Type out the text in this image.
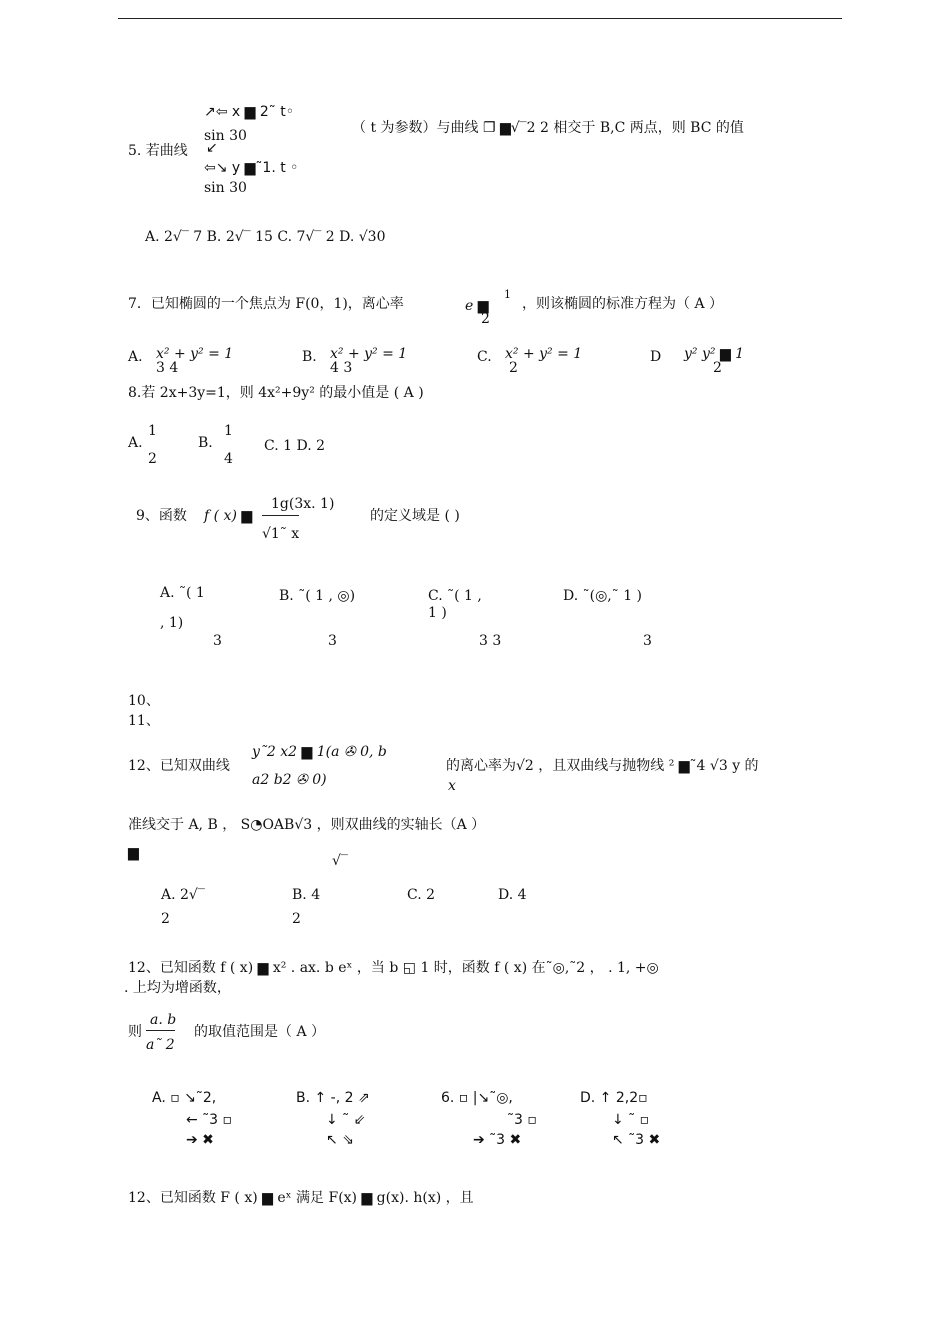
↗⇦ x ▆ 2˜ t◦
sin 30
5. 若曲线 ↙
⇦↘ y ▆˜1. t ◦
sin 30
（ t 为参数）与曲线 ❐ ▆√‾2 2 相交于 B,C 两点，则 BC 的值
A. 2√‾ 7 B. 2√‾ 15 C. 7√‾ 2 D. √30
7．已知椭圆的一个焦点为 F(0，1)，离心率	e ▆
1
2
，则该椭圆的标准方程为（ A ）
A. x² + y² = 1
3 4
B. x² + y² = 1
4 3
C. x² + y² = 1
2
D y² y² ▆ 1
2
8.若 2x+3y=1，则 4x²+9y² 的最小值是 ( A )
A.
1
2
B.
1
4
C. 1 D. 2
9、函数 f ( x) ▆
1g(3x. 1)
√1˜ x
的定义域是 ( )
A. ˜( 1
, 1)
3
B. ˜( 1 , ◎)
3
C. ˜( 1 ,
1 )
3 3
D. ˜(◎,˜ 1 )
3
10、
11、
12、已知双曲线
y˜2 x2 ▆ 1(a ✇ 0, b
a2 b2 ✇ 0)
的离心率为√2 ，且双曲线与抛物线 ² ▆˜4 √3 y 的
x
准线交于 A, B ， S◔OAB√3 ，则双曲线的实轴长（A ）
▆	√‾
A. 2√‾
2
B. 4
2
C. 2	D. 4
12、已知函数 f ( x) ▆ x² . ax. b eˣ ，当 b ◱ 1 时，函数 f ( x) 在˜◎,˜2 ， . 1, +◎
. 上均为增函数，
则
a. b
a˜ 2
的取值范围是（ A ）
A. ▫ ↘˜2,
← ˜3 ▫
➔ ✖
B. ↑ -, 2 ⇗
↓ ˜ ⇙
↖ ⇘
6. ▫ |↘˜◎,
˜3 ▫
➔ ˜3 ✖
D. ↑ 2,2▫
↓ ˜ ▫
↖ ˜3 ✖
12、已知函数 F ( x) ▆ eˣ 满足 F(x) ▆ g(x). h(x) ，且
